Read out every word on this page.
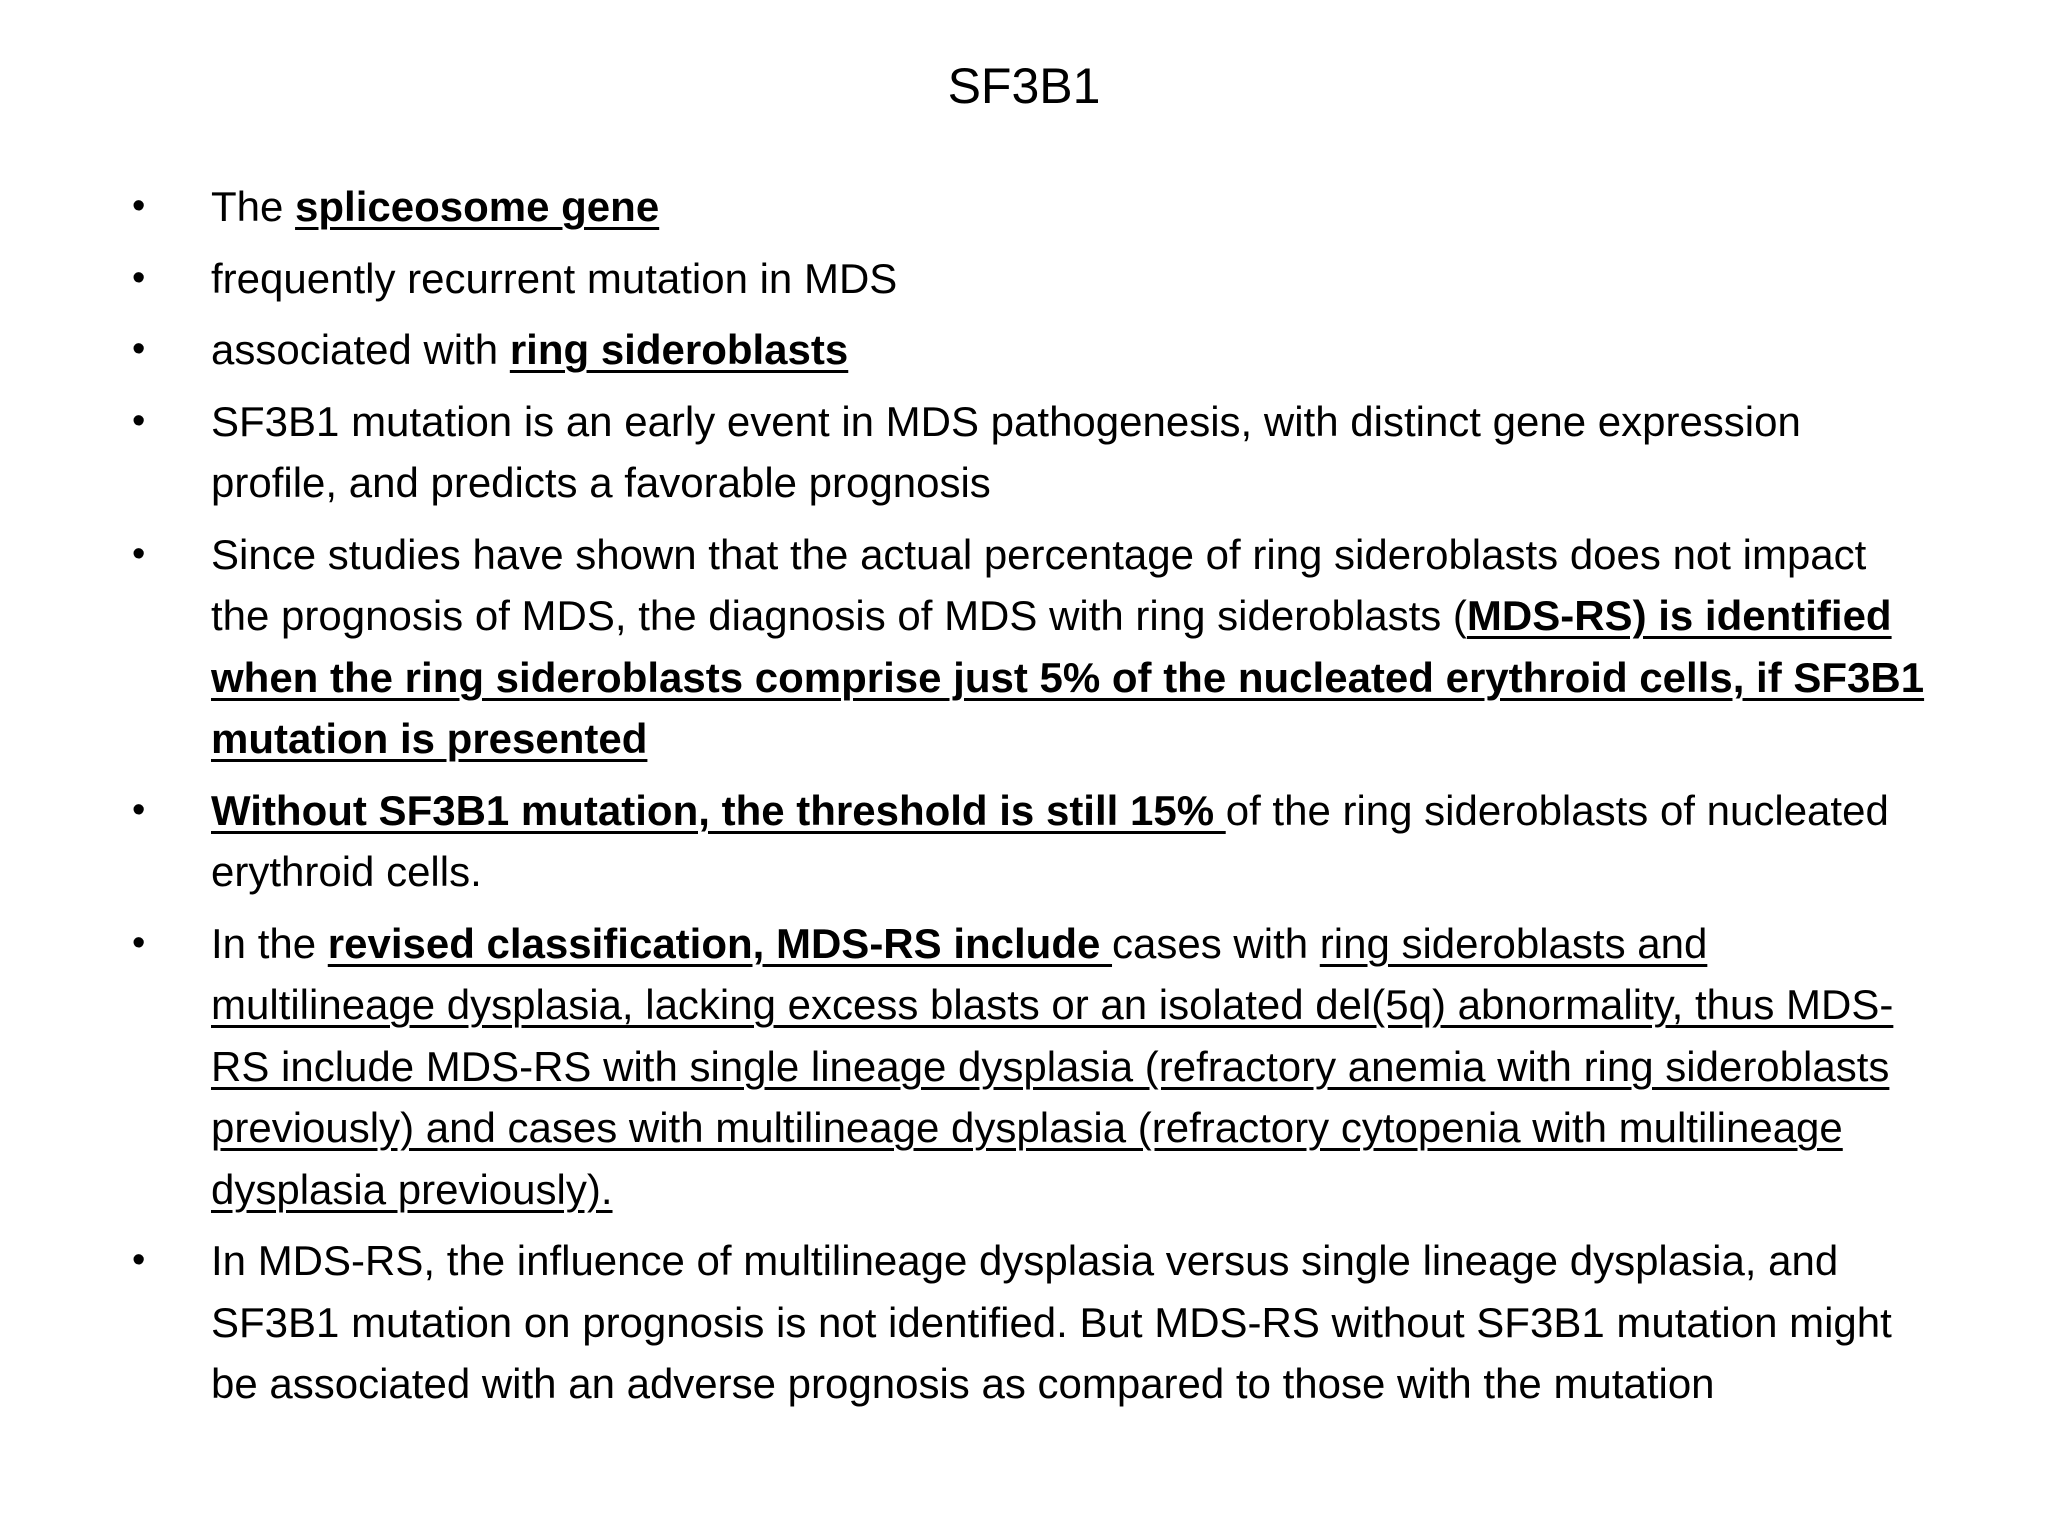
SF3B1
•	The spliceosome gene
•	frequently recurrent mutation in MDS
•	associated with ring sideroblasts
•	SF3B1 mutation is an early event in MDS pathogenesis, with distinct gene expression profile, and predicts a favorable prognosis
•	Since studies have shown that the actual percentage of ring sideroblasts does not impact the prognosis of MDS, the diagnosis of MDS with ring sideroblasts (MDS-RS) is identified when the ring sideroblasts comprise just 5% of the nucleated erythroid cells, if SF3B1 mutation is presented
•	Without SF3B1 mutation, the threshold is still 15% of the ring sideroblasts of nucleated erythroid cells.
•	In the revised classification, MDS-RS include cases with ring sideroblasts and multilineage dysplasia, lacking excess blasts or an isolated del(5q) abnormality, thus MDS-RS include MDS-RS with single lineage dysplasia (refractory anemia with ring sideroblasts previously) and cases with multilineage dysplasia (refractory cytopenia with multilineage dysplasia previously).
•	In MDS-RS, the influence of multilineage dysplasia versus single lineage dysplasia, and SF3B1 mutation on prognosis is not identified. But MDS-RS without SF3B1 mutation might be associated with an adverse prognosis as compared to those with the mutation
